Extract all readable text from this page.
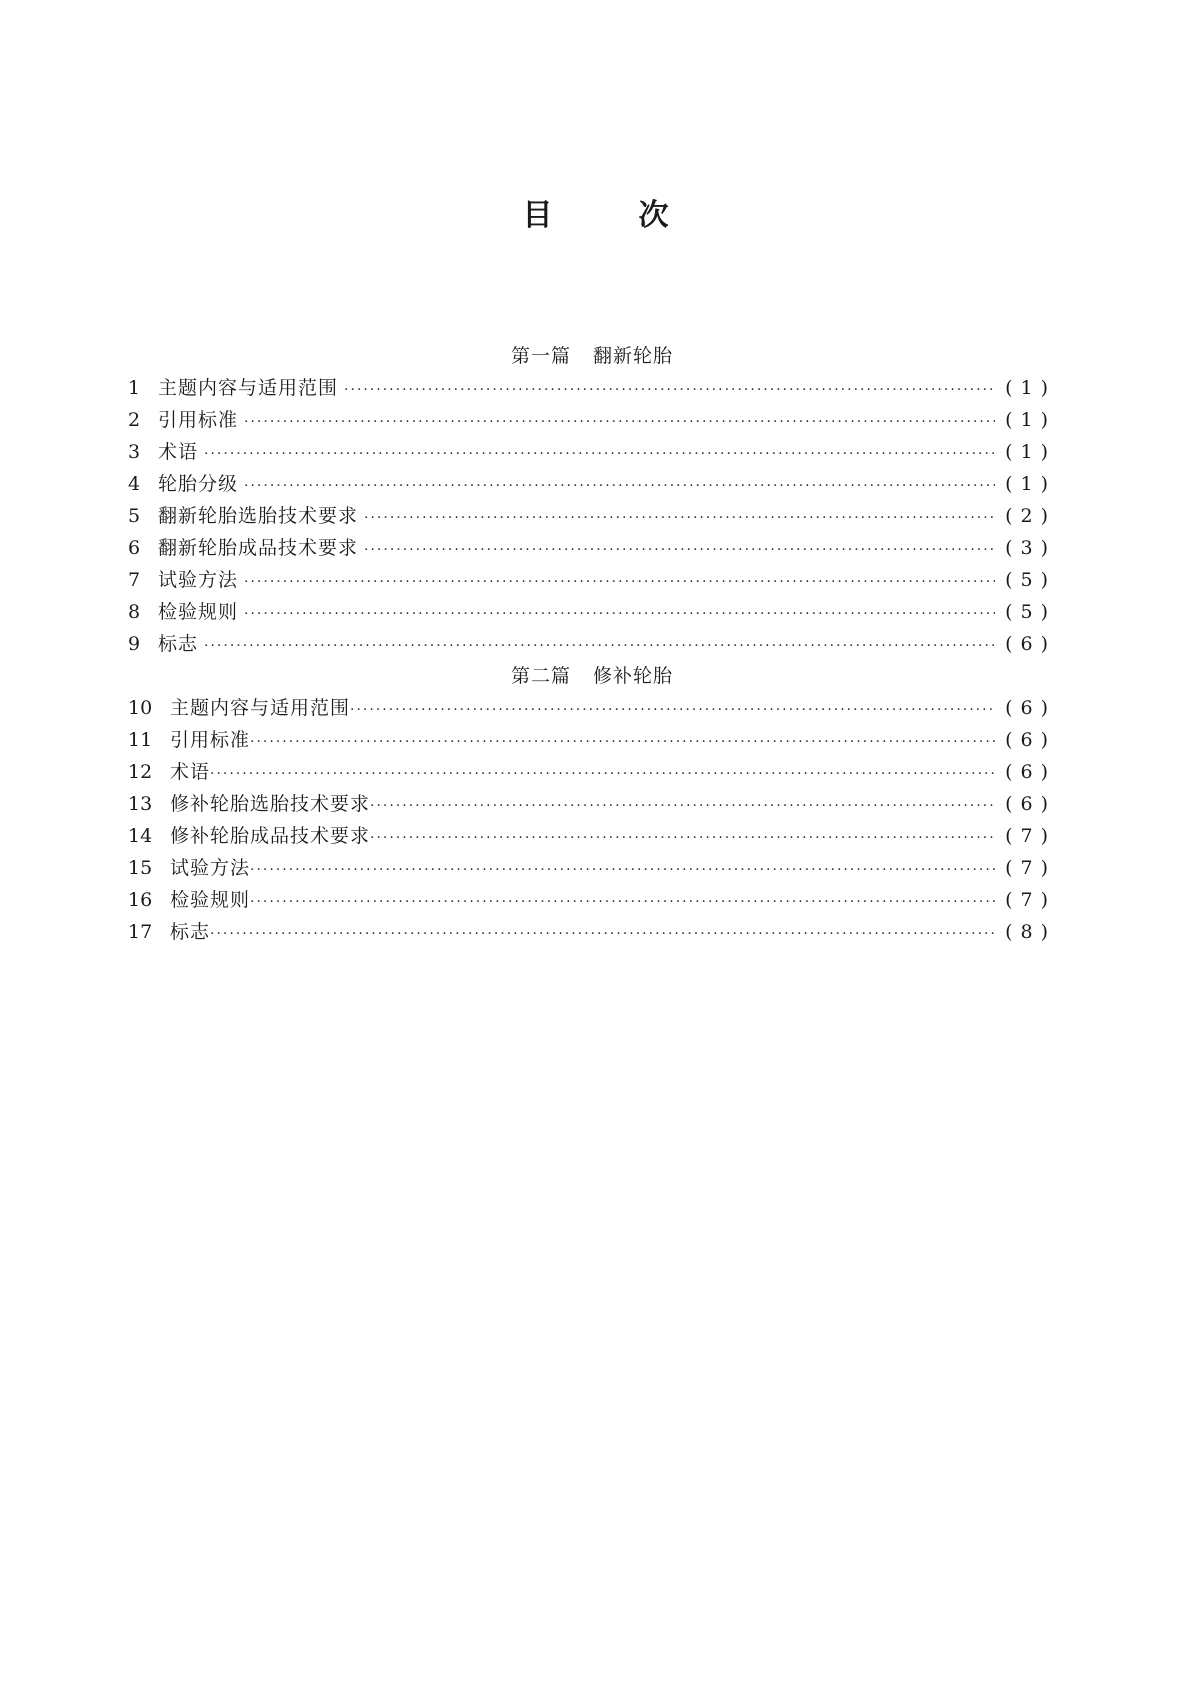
目	次
第一篇 翻新轮胎
1 主题内容与适用范围 ·····	(1)
2 引用标准 ·····	(1)
3 术语 ·····	(1)
4 轮胎分级 ·····	(1)
5 翻新轮胎选胎技术要求 ·····	(2)
6 翻新轮胎成品技术要求 ·····	(3)
7 试验方法 ·····	(5)
8 检验规则 ·····	(5)
9 标志 ·····	(6)
第二篇 修补轮胎
10 主题内容与适用范围 ·····	(6)
11 引用标准 ·····	(6)
12 术语 ·····	(6)
13 修补轮胎选胎技术要求 ·····	(6)
14 修补轮胎成品技术要求 ·····	(7)
15 试验方法 ·····	(7)
16 检验规则 ·····	(7)
17 标志 ·····	(8)
